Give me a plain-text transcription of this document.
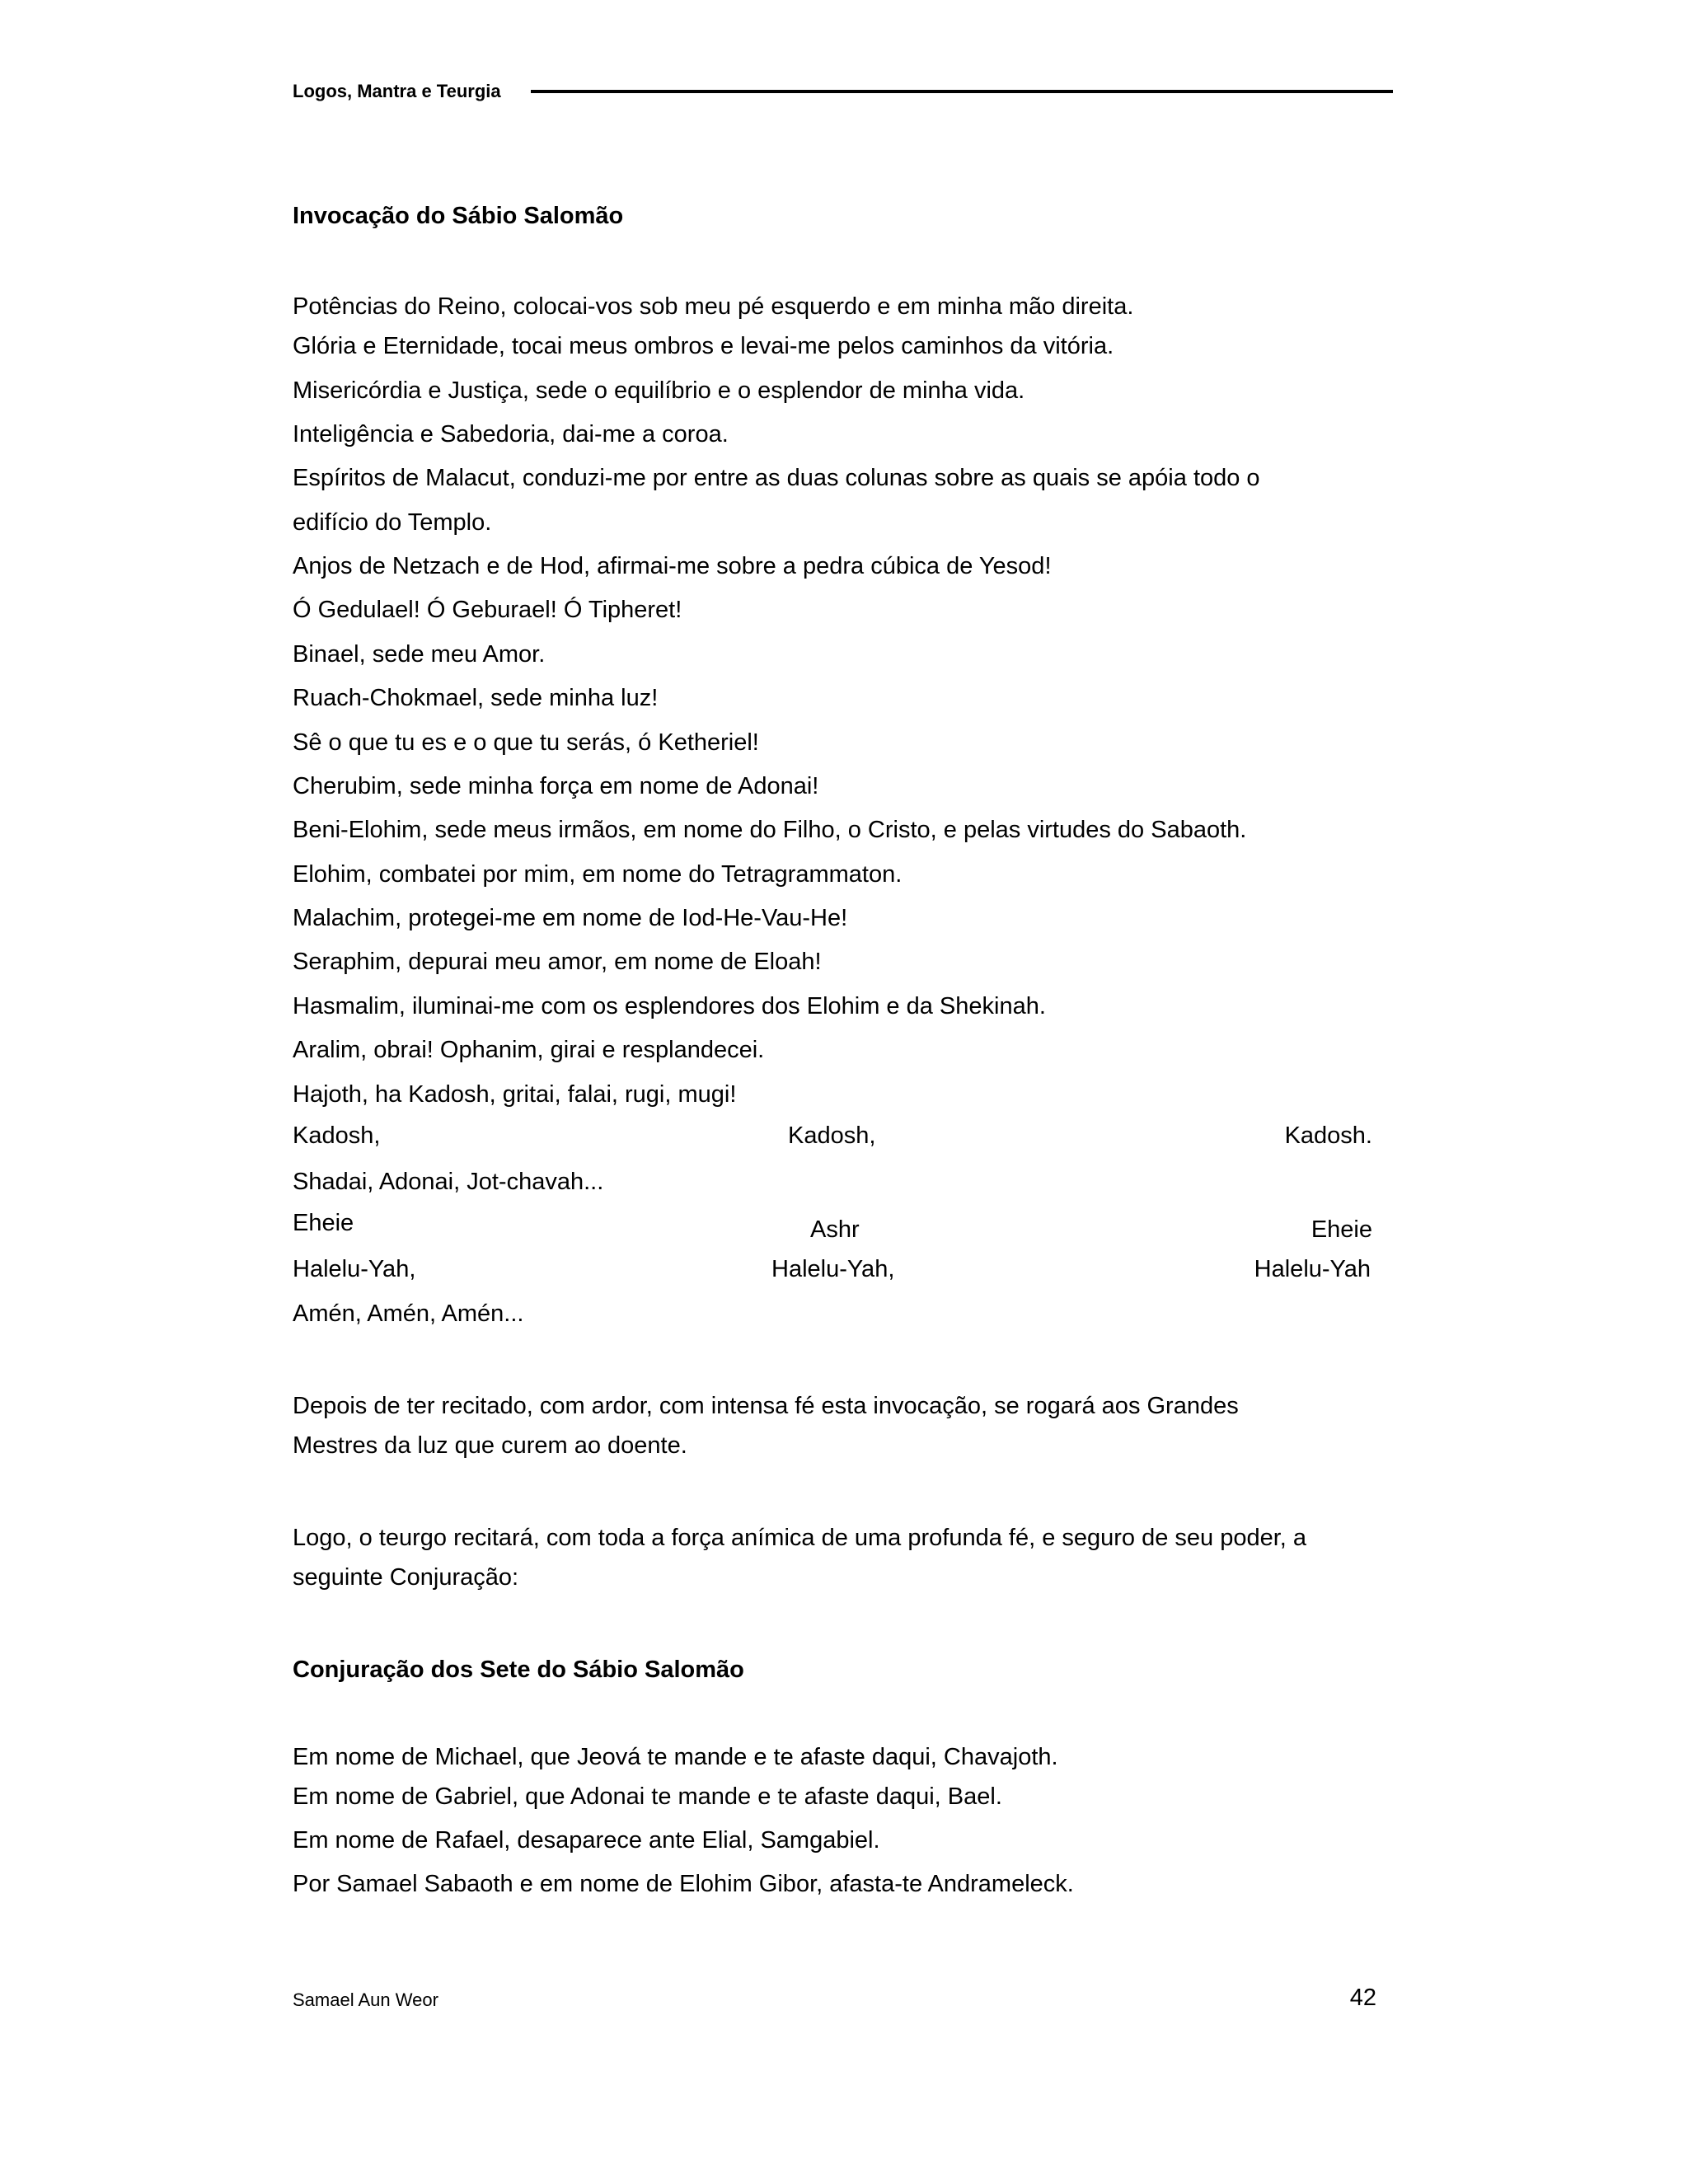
Logos, Mantra e Teurgia
Invocação do Sábio Salomão
Potências do Reino, colocai-vos sob meu pé esquerdo e em minha mão direita.
Glória e Eternidade, tocai meus ombros e levai-me pelos caminhos da vitória.
Misericórdia e Justiça, sede o equilíbrio e o esplendor de minha vida.
Inteligência e Sabedoria, dai-me a coroa.
Espíritos de Malacut, conduzi-me por entre as duas colunas sobre as quais se apóia todo o
edifício do Templo.
Anjos de Netzach e de Hod, afirmai-me sobre a pedra cúbica de Yesod!
Ó Gedulael! Ó Geburael! Ó Tipheret!
Binael, sede meu Amor.
Ruach-Chokmael, sede minha luz!
Sê o que tu es e o que tu serás, ó Ketheriel!
Cherubim, sede minha força em nome de Adonai!
Beni-Elohim, sede meus irmãos, em nome do Filho, o Cristo, e pelas virtudes do Sabaoth.
Elohim, combatei por mim, em nome do Tetragrammaton.
Malachim, protegei-me em nome de Iod-He-Vau-He!
Seraphim, depurai meu amor, em nome de Eloah!
Hasmalim, iluminai-me com os esplendores dos Elohim e da Shekinah.
Aralim, obrai! Ophanim, girai e resplandecei.
Hajoth, ha Kadosh, gritai, falai, rugi, mugi!
Kadosh,	Kadosh,	Kadosh.
Shadai, Adonai, Jot-chavah...
Eheie	Ashr	Eheie
Halelu-Yah,	Halelu-Yah,	Halelu-Yah
Amén, Amén, Amén...
Depois de ter recitado, com ardor, com intensa fé esta invocação, se rogará aos Grandes
Mestres da luz que curem ao doente.
Logo, o teurgo recitará, com toda a força anímica de uma profunda fé, e seguro de seu poder, a
seguinte Conjuração:
Conjuração dos Sete do Sábio Salomão
Em nome de Michael, que Jeová te mande e te afaste daqui, Chavajoth.
Em nome de Gabriel, que Adonai te mande e te afaste daqui, Bael.
Em nome de Rafael, desaparece ante Elial, Samgabiel.
Por Samael Sabaoth e em nome de Elohim Gibor, afasta-te Andrameleck.
Samael Aun Weor	42
